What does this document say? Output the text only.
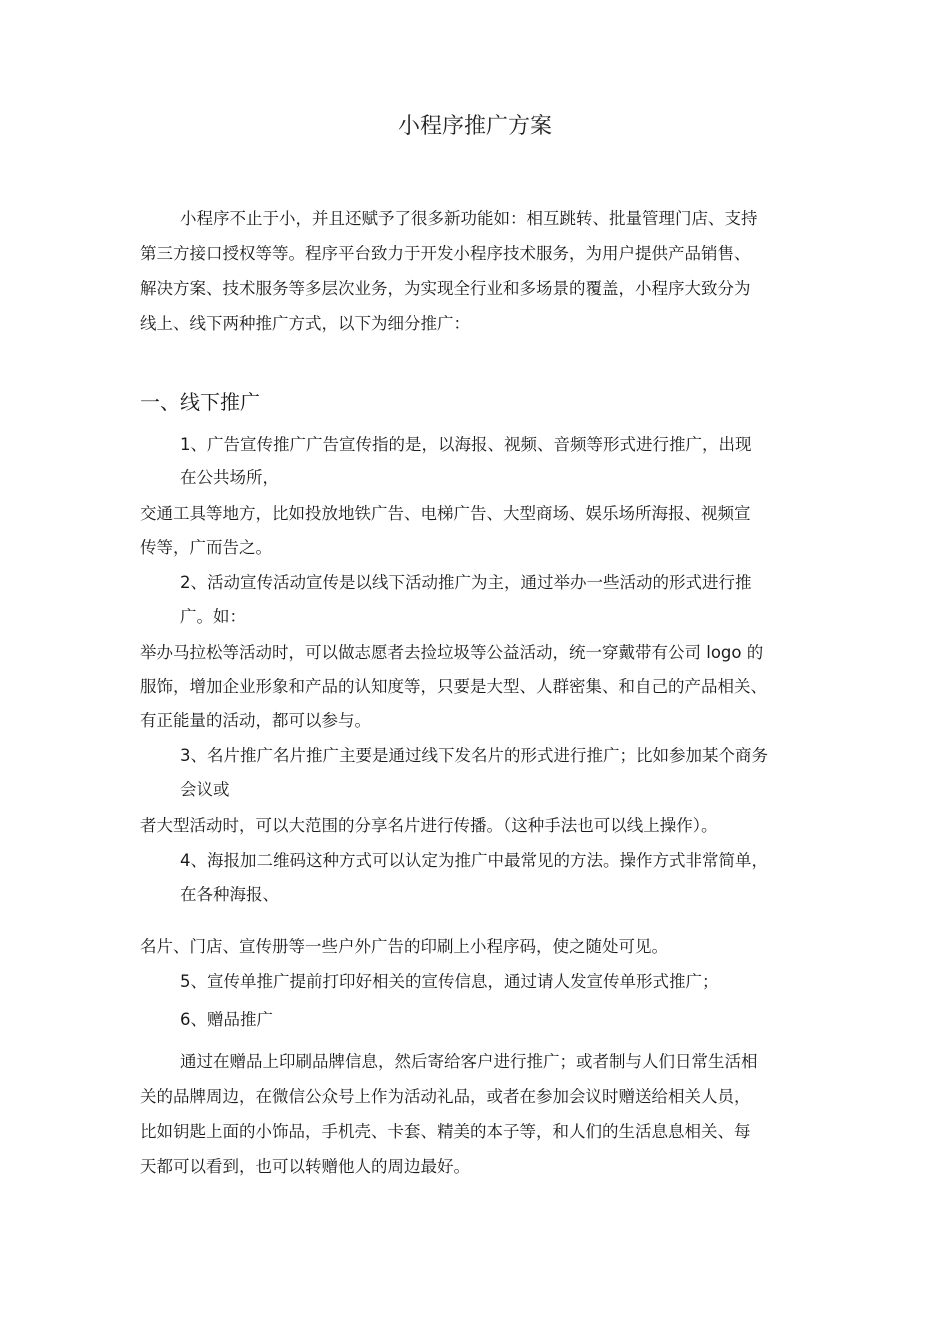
小程序推广方案
小程序不止于小，并且还赋予了很多新功能如：相互跳转、批量管理门店、支持
第三方接口授权等等。程序平台致力于开发小程序技术服务，为用户提供产品销售、
解决方案、技术服务等多层次业务，为实现全行业和多场景的覆盖，小程序大致分为
线上、线下两种推广方式，以下为细分推广：
一、线下推广
1、广告宣传推广广告宣传指的是，以海报、视频、音频等形式进行推广，出现
在公共场所，
交通工具等地方，比如投放地铁广告、电梯广告、大型商场、娱乐场所海报、视频宣
传等，广而告之。
2、活动宣传活动宣传是以线下活动推广为主，通过举办一些活动的形式进行推
广。如：
举办马拉松等活动时，可以做志愿者去捡垃圾等公益活动，统一穿戴带有公司 logo 的
服饰，增加企业形象和产品的认知度等，只要是大型、人群密集、和自己的产品相关、
有正能量的活动，都可以参与。
3、名片推广名片推广主要是通过线下发名片的形式进行推广；比如参加某个商务
会议或
者大型活动时，可以大范围的分享名片进行传播。（这种手法也可以线上操作）。
4、海报加二维码这种方式可以认定为推广中最常见的方法。操作方式非常简单，
在各种海报、
名片、门店、宣传册等一些户外广告的印刷上小程序码，使之随处可见。
5、宣传单推广提前打印好相关的宣传信息，通过请人发宣传单形式推广；
6、赠品推广
通过在赠品上印刷品牌信息，然后寄给客户进行推广；或者制与人们日常生活相
关的品牌周边，在微信公众号上作为活动礼品，或者在参加会议时赠送给相关人员，
比如钥匙上面的小饰品，手机壳、卡套、精美的本子等，和人们的生活息息相关、每
天都可以看到，也可以转赠他人的周边最好。
